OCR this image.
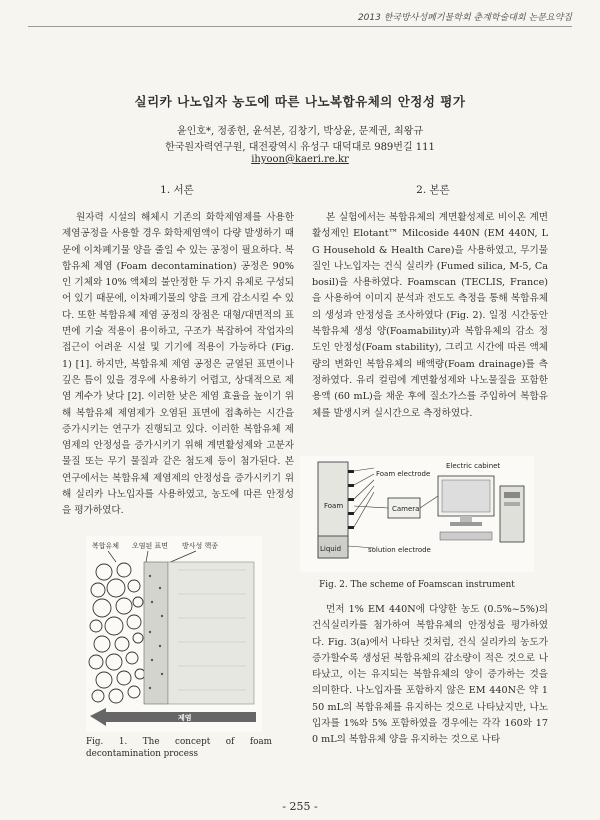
2013 한국방사성폐기물학회 춘계학술대회 논문요약집
실리카 나노입자 농도에 따른 나노복합유체의 안정성 평가
윤인호*, 정종헌, 윤석본, 김창기, 박상윤, 문제권, 최왕규
한국원자력연구원, 대전광역시 유성구 대덕대로 989번길 111
ihyoon@kaeri.re.kr
1. 서론	2. 본론

원자력 시설의 해체시 기존의 화학제염제를 사용한 제염공정을 사용할 경우 화학제염액이 다량 발생하기 때문에 이차폐기물 양을 줄일 수 있는 공정이 필요하다. 복합유체 제염 (Foam decontamination) 공정은 90%인 기체와 10% 액체의 불안정한 두 가지 유체로 구성되어 있기 때문에, 이차폐기물의 양을 크게 감소시킬 수 있다. 또한 복합유체 제염 공정의 장점은 대형/대면적의 표면에 기술 적용이 용이하고, 구조가 복잡하여 작업자의 접근이 어려운 시설 및 기기에 적용이 가능하다 (Fig. 1) [1]. 하지만, 복합유체 제염 공정은 균열된 표면이나 깊은 틈이 있을 경우에 사용하기 어렵고, 상대적으로 제염 계수가 낮다 [2]. 이러한 낮은 제염 효율을 높이기 위해 복합유체 제염제가 오염된 표면에 접촉하는 시간을 증가시키는 연구가 진행되고 있다. 이러한 복합유체 제염제의 안정성을 증가시키기 위해 계면활성제와 고분자 물질 또는 무기 물질과 같은 첨도제 등이 첨가된다. 본 연구에서는 복합유체 제염제의 안정성을 증가시키기 위해 실리카 나노입자를 사용하였고, 농도에 따른 안정성을 평가하였다.

본 실험에서는 복합유체의 계면활성제로 비이온 계면활성제인 Elotant™ Milcoside 440N (EM 440N, LG Household & Health Care)을 사용하였고, 무기물질인 나노입자는 건식 실리카 (Fumed silica, M-5, Cabosil)을 사용하였다. Foamscan (TECLIS, France)을 사용하여 이미지 분석과 전도도 측정을 통해 복합유체의 생성과 안정성을 조사하였다 (Fig. 2). 일정 시간동안 복합유체 생성 양(Foamability)과 복합유체의 감소 정도인 안정성(Foam stability), 그리고 시간에 따른 액체량의 변화인 복합유체의 배액량(Foam drainage)를 측정하였다. 유리 컬럼에 계면활성제와 나노물질을 포함한 용액 (60 mL)을 채운 후에 질소가스를 주입하여 복합유체를 발생시켜 실시간으로 측정하였다.

복합유체 오염된 표면 방사성 핵종
제염
Fig. 1. The concept of foam decontamination process
Foam
Liquid
Foam electrode
solution electrode
Camera
Electric cabinet
Fig. 2. The scheme of Foamscan instrument

먼저 1% EM 440N에 다양한 농도 (0.5%~5%)의 건식실리카를 첨가하여 복합유체의 안정성을 평가하였다. Fig. 3(a)에서 나타난 것처럼, 건식 실리카의 농도가 증가할수록 생성된 복합유체의 감소량이 적은 것으로 나타났고, 이는 유지되는 복합유체의 양이 증가하는 것을 의미한다. 나노입자를 포함하지 않은 EM 440N은 약 150 mL의 복합유체를 유지하는 것으로 나타났지만, 나노입자를 1%와 5% 포함하였을 경우에는 각각 160와 170 mL의 복합유체 양을 유지하는 것으로 나타

- 255 -
